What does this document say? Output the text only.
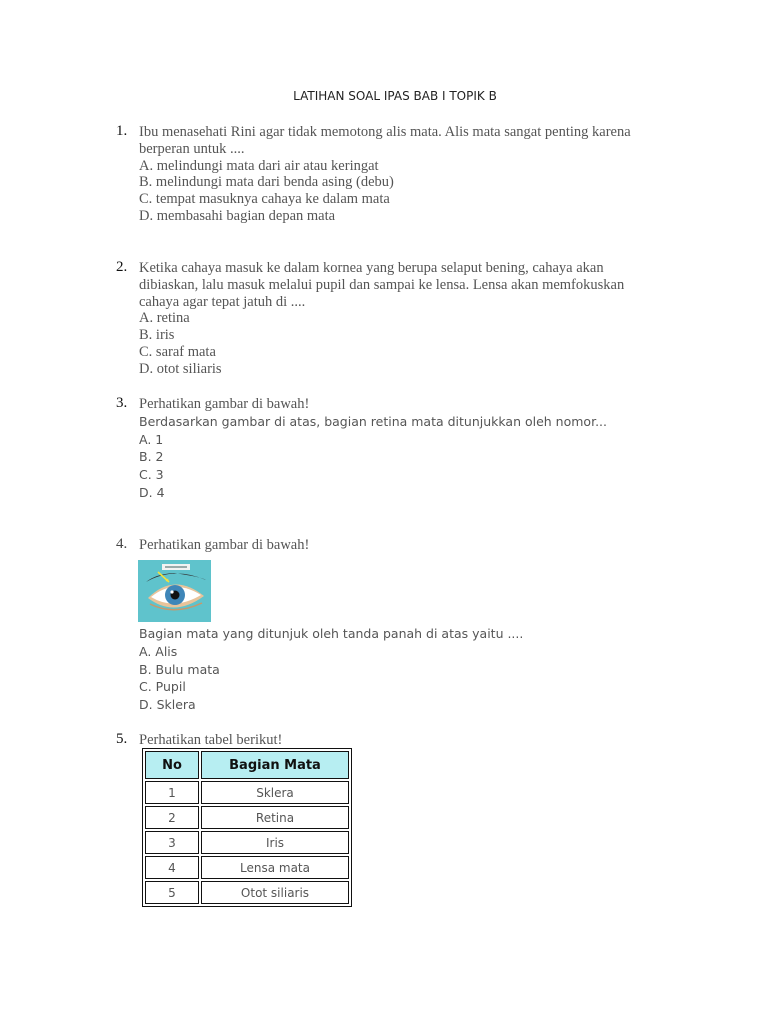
LATIHAN SOAL IPAS BAB I TOPIK B
1. Ibu menasehati Rini agar tidak memotong alis mata. Alis mata sangat penting karena
berperan untuk ....
A. melindungi mata dari air atau keringat
B. melindungi mata dari benda asing (debu)
C. tempat masuknya cahaya ke dalam mata
D. membasahi bagian depan mata
2. Ketika cahaya masuk ke dalam kornea yang berupa selaput bening, cahaya akan
dibiaskan, lalu masuk melalui pupil dan sampai ke lensa. Lensa akan memfokuskan
cahaya agar tepat jatuh di ....
A. retina
B. iris
C. saraf mata
D. otot siliaris
3. Perhatikan gambar di bawah!
Berdasarkan gambar di atas, bagian retina mata ditunjukkan oleh nomor...
A. 1
B. 2
C. 3
D. 4
4. Perhatikan gambar di bawah!
Bagian mata yang ditunjuk oleh tanda panah di atas yaitu ....
A. Alis
B. Bulu mata
C. Pupil
D. Sklera
5. Perhatikan tabel berikut!
No	Bagian Mata
1	Sklera
2	Retina
3	Iris
4	Lensa mata
5	Otot siliaris
